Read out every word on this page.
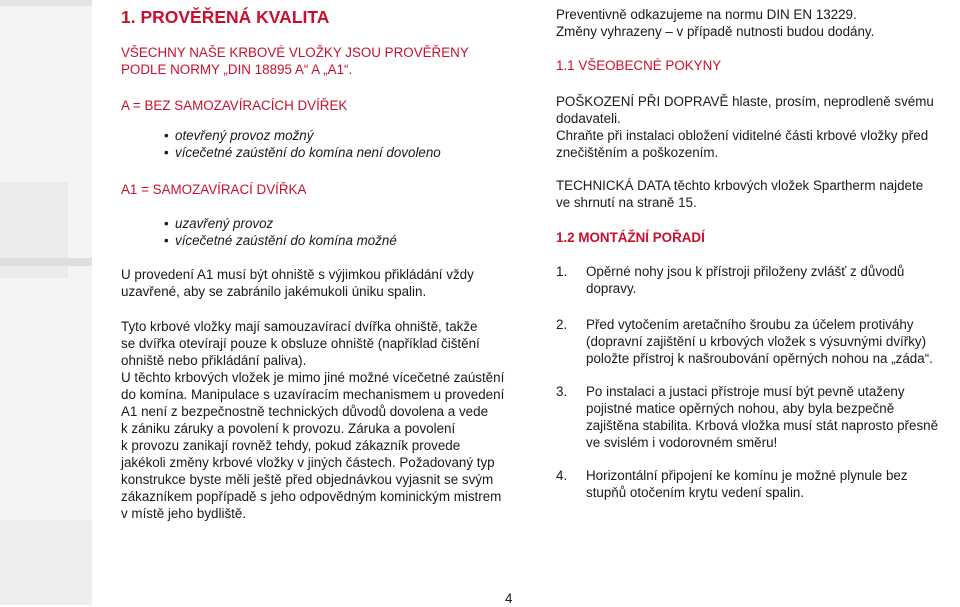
1. PROVĚŘENÁ KVALITA
VŠECHNY NAŠE KRBOVÉ VLOŽKY JSOU PROVĚŘENY
PODLE NORMY „DIN 18895 A“ A „A1“.
A = BEZ SAMOZAVÍRACÍCH DVÍŘEK
• otevřený provoz možný
• vícečetné zaústění do komína není dovoleno
A1 = SAMOZAVÍRACÍ DVÍŘKA
• uzavřený provoz
• vícečetné zaústění do komína možné
U provedení A1 musí být ohniště s výjimkou přikládání vždy
uzavřené, aby se zabránilo jakémukoli úniku spalin.
Tyto krbové vložky mají samouzavírací dvířka ohniště, takže
se dvířka otevírají pouze k obsluze ohniště (například čištění
ohniště nebo přikládání paliva).
U těchto krbových vložek je mimo jiné možné vícečetné zaústění
do komína. Manipulace s uzavíracím mechanismem u provedení
A1 není z bezpečnostně technických důvodů dovolena a vede
k zániku záruky a povolení k provozu. Záruka a povolení
k provozu zanikají rovněž tehdy, pokud zákazník provede
jakékoli změny krbové vložky v jiných částech. Požadovaný typ
konstrukce byste měli ještě před objednávkou vyjasnit se svým
zákazníkem popřípadě s jeho odpovědným kominickým mistrem
v místě jeho bydliště.
Preventivně odkazujeme na normu DIN EN 13229.
Změny vyhrazeny – v případě nutnosti budou dodány.
1.1 VŠEOBECNÉ POKYNY
POŠKOZENÍ PŘI DOPRAVĚ hlaste, prosím, neprodleně svému
dodavateli.
Chraňte při instalaci obložení viditelné části krbové vložky před
znečištěním a poškozením.
TECHNICKÁ DATA těchto krbových vložek Spartherm najdete
ve shrnutí na straně 15.
1.2 MONTÁŽNÍ POŘADÍ
1. Opěrné nohy jsou k přístroji přiloženy zvlášť z důvodů
dopravy.
2. Před vytočením aretačního šroubu za účelem protiváhy
(dopravní zajištění u krbových vložek s výsuvnými dvířky)
položte přístroj k našroubování opěrných nohou na „záda“.
3. Po instalaci a justaci přístroje musí být pevně utaženy
pojistné matice opěrných nohou, aby byla bezpečně
zajištěna stabilita. Krbová vložka musí stát naprosto přesně
ve svislém i vodorovném směru!
4. Horizontální připojení ke komínu je možné plynule bez
stupňů otočením krytu vedení spalin.
4
